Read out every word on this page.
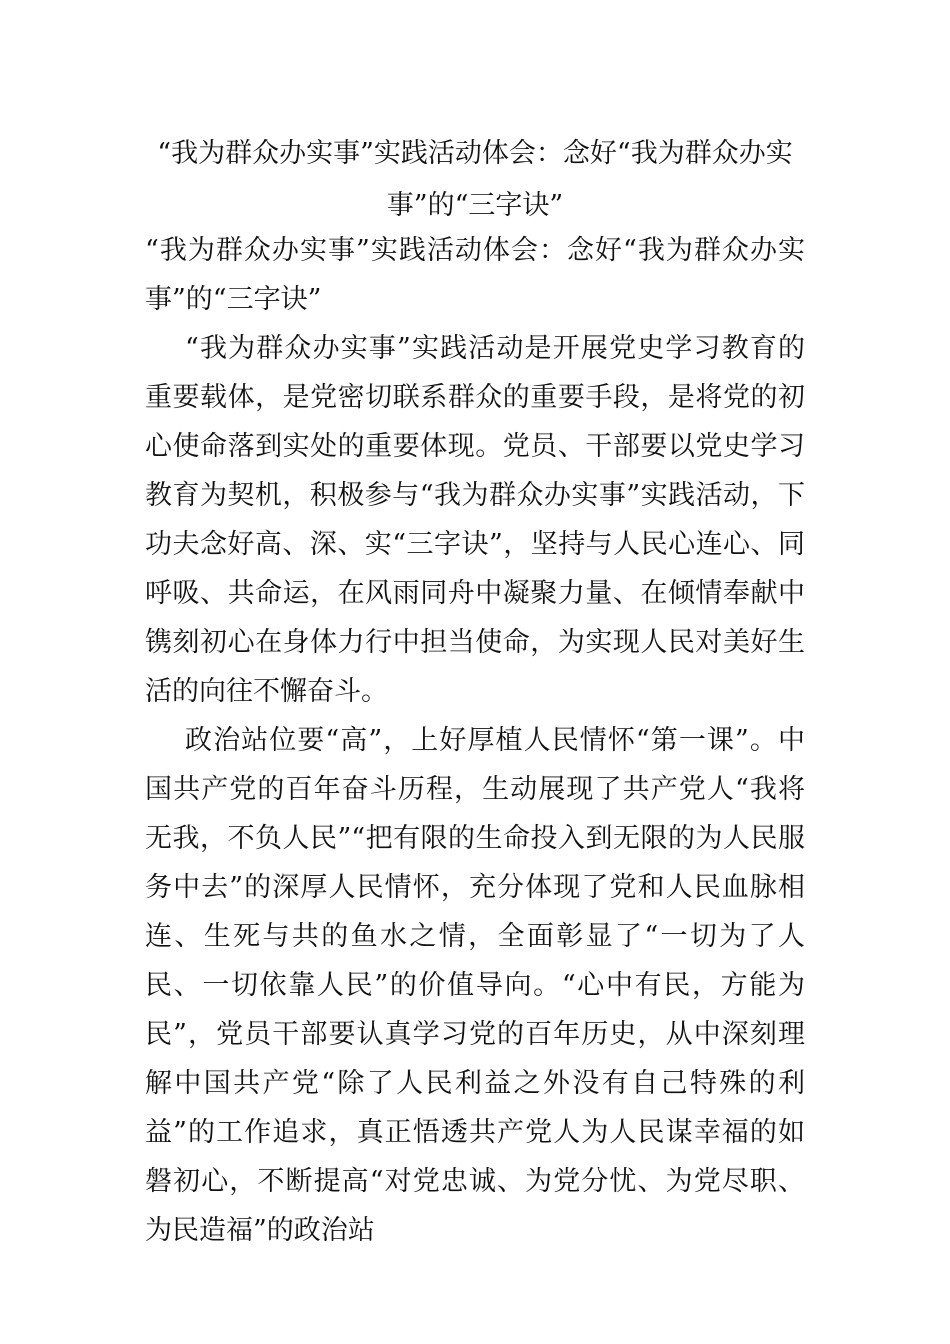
“我为群众办实事”实践活动体会：念好“我为群众办实事”的“三字诀”

“我为群众办实事”实践活动体会：念好“我为群众办实事”的“三字诀”

“我为群众办实事”实践活动是开展党史学习教育的重要载体，是党密切联系群众的重要手段，是将党的初心使命落到实处的重要体现。党员、干部要以党史学习教育为契机，积极参与“我为群众办实事”实践活动，下功夫念好高、深、实“三字诀”，坚持与人民心连心、同呼吸、共命运，在风雨同舟中凝聚力量、在倾情奉献中镌刻初心在身体力行中担当使命，为实现人民对美好生活的向往不懈奋斗。

政治站位要“高”，上好厚植人民情怀“第一课”。中国共产党的百年奋斗历程，生动展现了共产党人“我将无我，不负人民”“把有限的生命投入到无限的为人民服务中去”的深厚人民情怀，充分体现了党和人民血脉相连、生死与共的鱼水之情，全面彰显了“一切为了人民、一切依靠人民”的价值导向。“心中有民，方能为民”，党员干部要认真学习党的百年历史，从中深刻理解中国共产党“除了人民利益之外没有自己特殊的利益”的工作追求，真正悟透共产党人为人民谋幸福的如磐初心，不断提高“对党忠诚、为党分忧、为党尽职、为民造福”的政治站
